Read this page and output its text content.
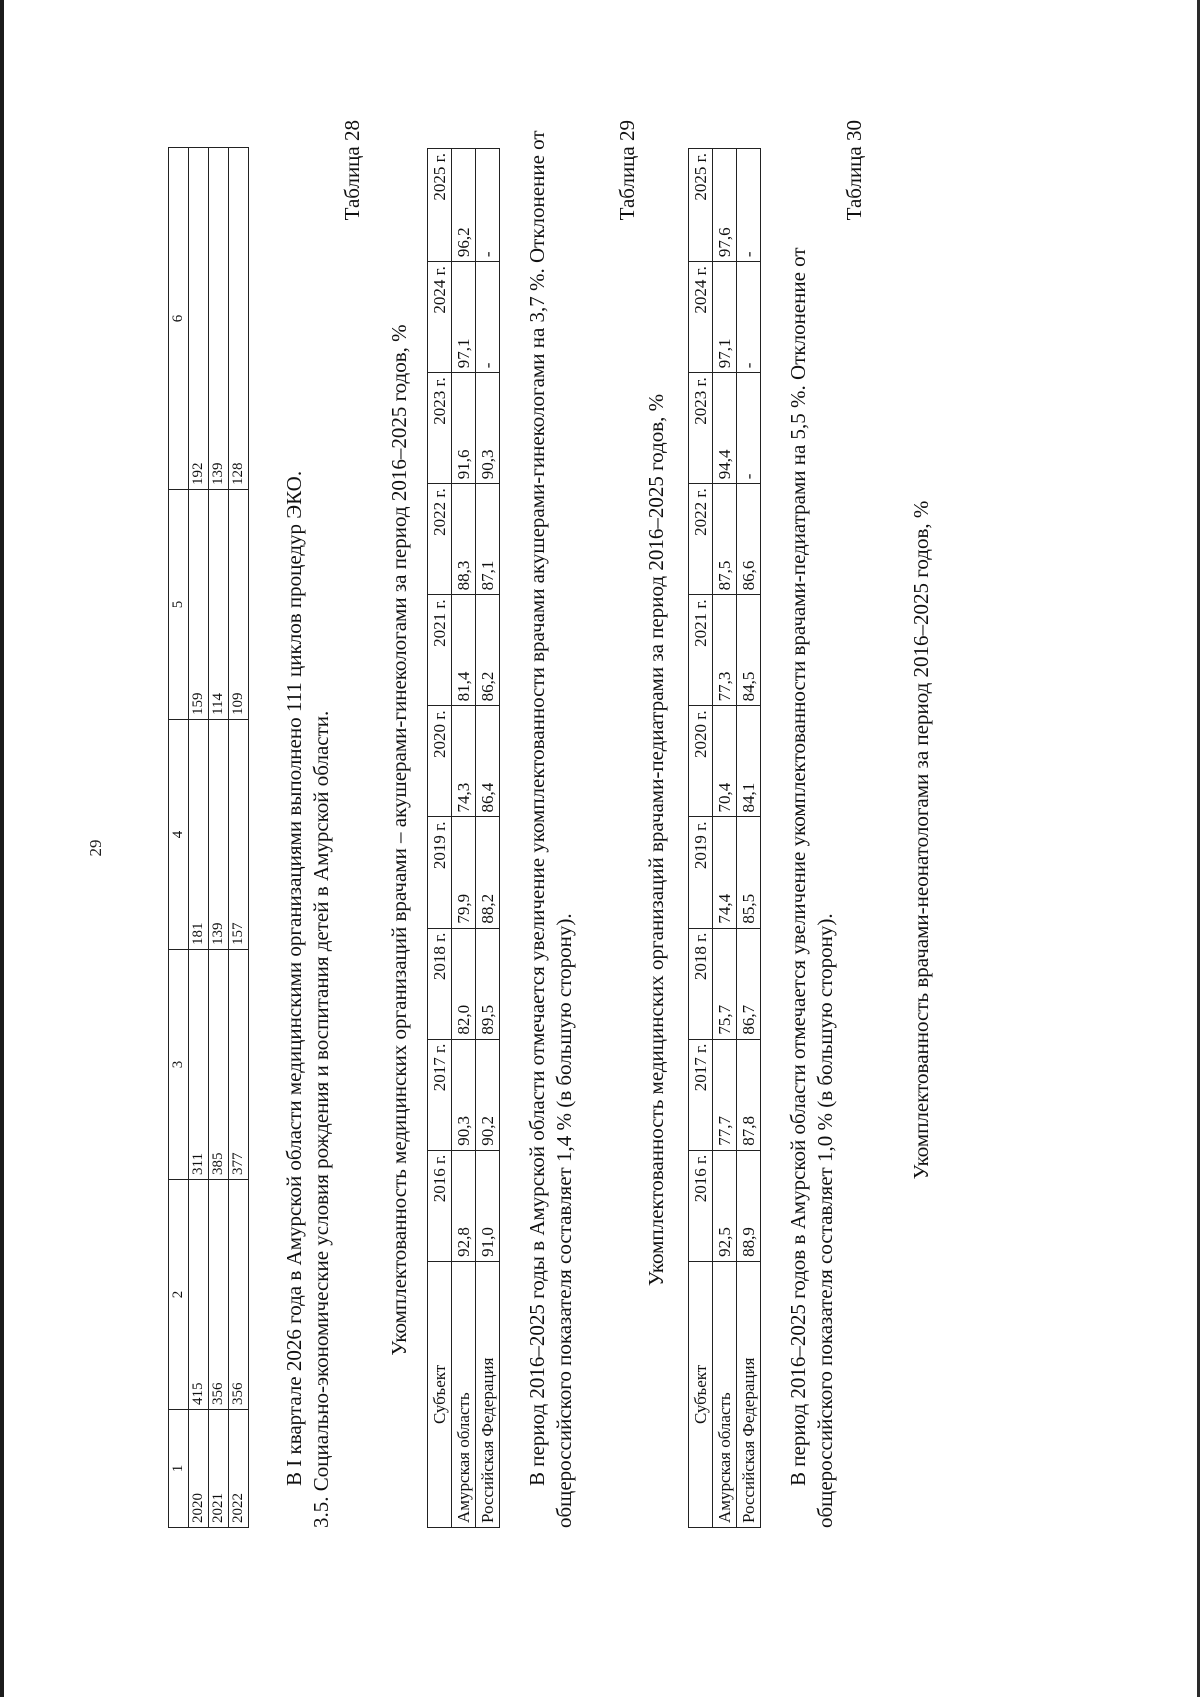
29
1	2	3	4	5	6
2020	415	311	181	159	192
2021	356	385	139	114	139
2022	356	377	157	109	128 В I квартале 2026 года в Амурской области медицинскими организациями выполнено 111 циклов процедур ЭКО. 3.5. Социально-экономические условия рождения и воспитания детей в Амурской области.

Таблица 28

Укомплектованность медицинских организаций врачами – акушерами-гинекологами за период 2016–2025 годов, %

Субъект	2016 г.	2017 г.	2018 г.	2019 г.	2020 г.	2021 г.	2022 г.	2023 г.	2024 г.	2025 г.
Амурская область	92,8	90,3	82,0	79,9	74,3	81,4	88,3	91,6	97,1	96,2
Российская Федерация	91,0	90,2	89,5	88,2	86,4	86,2	87,1	90,3	-	- В период 2016–2025 годы в Амурской области отмечается увеличение укомплектованности врачами акушерами-гинекологами на 3,7 %. Отклонение от общероссийского показателя составляет 1,4 % (в большую сторону).

Таблица 29

Укомплектованность медицинских организаций врачами-педиатрами за период 2016–2025 годов, %

Субъект	2016 г.	2017 г.	2018 г.	2019 г.	2020 г.	2021 г.	2022 г.	2023 г.	2024 г.	2025 г.
Амурская область	92,5	77,7	75,7	74,4	70,4	77,3	87,5	94,4	97,1	97,6
Российская Федерация	88,9	87,8	86,7	85,5	84,1	84,5	86,6	-	-	- В период 2016–2025 годов в Амурской области отмечается увеличение укомплектованности врачами-педиатрами на 5,5 %. Отклонение от общероссийского показателя составляет 1,0 % (в большую сторону).

Таблица 30

Укомплектованность врачами-неонатологами за период 2016–2025 годов, %
